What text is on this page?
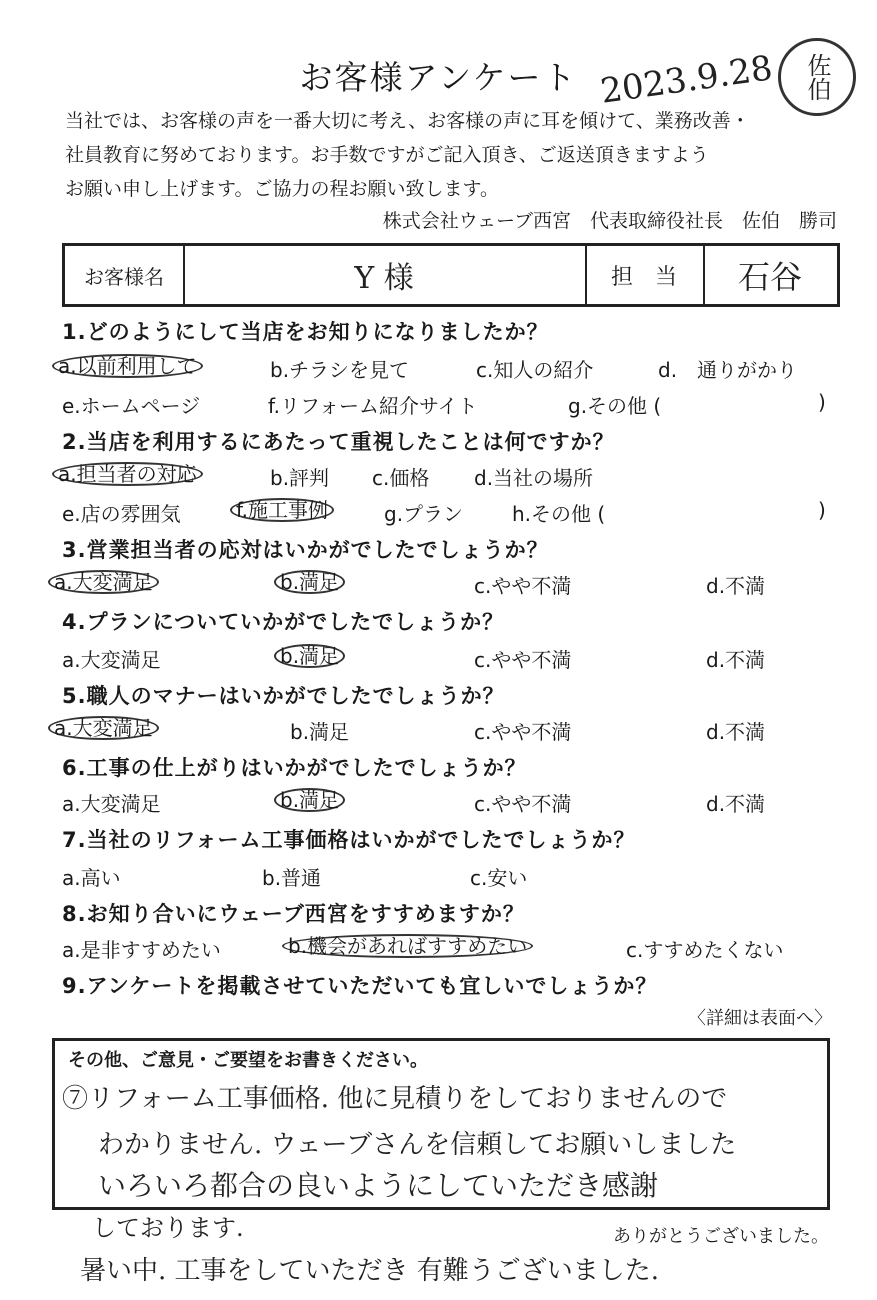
お客様アンケート 2023.9.28	佐伯
当社では、お客様の声を一番大切に考え、お客様の声に耳を傾けて、業務改善・
社員教育に努めております。お手数ですがご記入頂き、ご返送頂きますよう
お願い申し上げます。ご協力の程お願い致します。
株式会社ウェーブ西宮　代表取締役社長　佐伯　勝司
お客様名	Y 様	担　当	石谷
1.どのようにして当店をお知りになりましたか？
a.以前利用して	b.チラシを見て	c.知人の紹介	d.　通りがかり
e.ホームページ	f.リフォーム紹介サイト	g.その他 (	)
2.当店を利用するにあたって重視したことは何ですか？
a.担当者の対応	b.評判 c.価格 d.当社の場所
e.店の雰囲気	f.施工事例	g.プラン h.その他 (	)
3.営業担当者の応対はいかがでしたでしょうか？
a.大変満足	b.満足	c.やや不満	d.不満
4.プランについていかがでしたでしょうか？
a.大変満足	b.満足	c.やや不満	d.不満
5.職人のマナーはいかがでしたでしょうか？
a.大変満足	b.満足	c.やや不満	d.不満
6.工事の仕上がりはいかがでしたでしょうか？
a.大変満足	b.満足	c.やや不満	d.不満
7.当社のリフォーム工事価格はいかがでしたでしょうか？
a.高い	b.普通	c.安い
8.お知り合いにウェーブ西宮をすすめますか？
a.是非すすめたい	b.機会があればすすめたい	c.すすめたくない
9.アンケートを掲載させていただいても宜しいでしょうか？
〈詳細は表面へ〉
その他、ご意見・ご要望をお書きください。
⑦リフォーム工事価格. 他に見積りをしておりませんので
わかりません. ウェーブさんを信頼してお願いしました
いろいろ都合の良いようにしていただき感謝
しております.	ありがとうございました。
暑い中. 工事をしていただき 有難うございました.
